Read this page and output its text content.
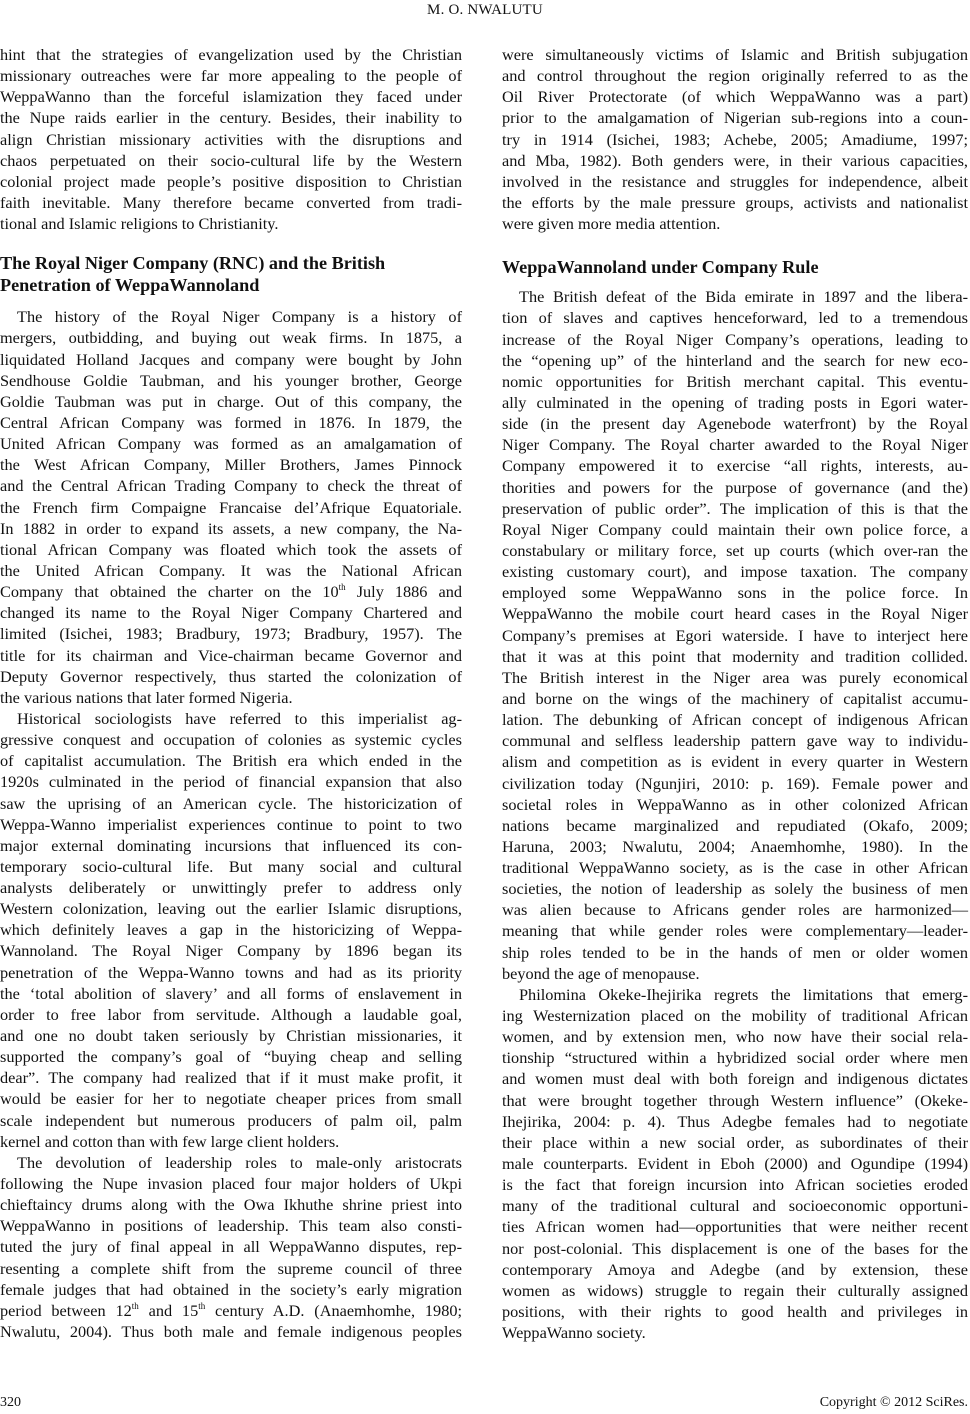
M. O. NWALUTU
hint that the strategies of evangelization used by the Christian
missionary outreaches were far more appealing to the people of
WeppaWanno than the forceful islamization they faced under
the Nupe raids earlier in the century. Besides, their inability to
align Christian missionary activities with the disruptions and
chaos perpetuated on their socio-cultural life by the Western
colonial project made people’s positive disposition to Christian
faith inevitable. Many therefore became converted from tradi-
tional and Islamic religions to Christianity.
The Royal Niger Company (RNC) and the British
Penetration of WeppaWannoland
The history of the Royal Niger Company is a history of
mergers, outbidding, and buying out weak firms. In 1875, a
liquidated Holland Jacques and company were bought by John
Sendhouse Goldie Taubman, and his younger brother, George
Goldie Taubman was put in charge. Out of this company, the
Central African Company was formed in 1876. In 1879, the
United African Company was formed as an amalgamation of
the West African Company, Miller Brothers, James Pinnock
and the Central African Trading Company to check the threat of
the French firm Compaigne Francaise del’Afrique Equatoriale.
In 1882 in order to expand its assets, a new company, the Na-
tional African Company was floated which took the assets of
the United African Company. It was the National African
Company that obtained the charter on the 10th July 1886 and
changed its name to the Royal Niger Company Chartered and
limited (Isichei, 1983; Bradbury, 1973; Bradbury, 1957). The
title for its chairman and Vice-chairman became Governor and
Deputy Governor respectively, thus started the colonization of
the various nations that later formed Nigeria.
Historical sociologists have referred to this imperialist ag-
gressive conquest and occupation of colonies as systemic cycles
of capitalist accumulation. The British era which ended in the
1920s culminated in the period of financial expansion that also
saw the uprising of an American cycle. The historicization of
Weppa-Wanno imperialist experiences continue to point to two
major external dominating incursions that influenced its con-
temporary socio-cultural life. But many social and cultural
analysts deliberately or unwittingly prefer to address only
Western colonization, leaving out the earlier Islamic disruptions,
which definitely leaves a gap in the historicizing of Weppa-
Wannoland. The Royal Niger Company by 1896 began its
penetration of the Weppa-Wanno towns and had as its priority
the ‘total abolition of slavery’ and all forms of enslavement in
order to free labor from servitude. Although a laudable goal,
and one no doubt taken seriously by Christian missionaries, it
supported the company’s goal of “buying cheap and selling
dear”. The company had realized that if it must make profit, it
would be easier for her to negotiate cheaper prices from small
scale independent but numerous producers of palm oil, palm
kernel and cotton than with few large client holders.
The devolution of leadership roles to male-only aristocrats
following the Nupe invasion placed four major holders of Ukpi
chieftaincy drums along with the Owa Ikhuthe shrine priest into
WeppaWanno in positions of leadership. This team also consti-
tuted the jury of final appeal in all WeppaWanno disputes, rep-
resenting a complete shift from the supreme council of three
female judges that had obtained in the society’s early migration
period between 12th and 15th century A.D. (Anaemhomhe, 1980;
Nwalutu, 2004). Thus both male and female indigenous peoples
were simultaneously victims of Islamic and British subjugation
and control throughout the region originally referred to as the
Oil River Protectorate (of which WeppaWanno was a part)
prior to the amalgamation of Nigerian sub-regions into a coun-
try in 1914 (Isichei, 1983; Achebe, 2005; Amadiume, 1997;
and Mba, 1982). Both genders were, in their various capacities,
involved in the resistance and struggles for independence, albeit
the efforts by the male pressure groups, activists and nationalist
were given more media attention.
WeppaWannoland under Company Rule
The British defeat of the Bida emirate in 1897 and the libera-
tion of slaves and captives henceforward, led to a tremendous
increase of the Royal Niger Company’s operations, leading to
the “opening up” of the hinterland and the search for new eco-
nomic opportunities for British merchant capital. This eventu-
ally culminated in the opening of trading posts in Egori water-
side (in the present day Agenebode waterfront) by the Royal
Niger Company. The Royal charter awarded to the Royal Niger
Company empowered it to exercise “all rights, interests, au-
thorities and powers for the purpose of governance (and the)
preservation of public order”. The implication of this is that the
Royal Niger Company could maintain their own police force, a
constabulary or military force, set up courts (which over-ran the
existing customary court), and impose taxation. The company
employed some WeppaWanno sons in the police force. In
WeppaWanno the mobile court heard cases in the Royal Niger
Company’s premises at Egori waterside. I have to interject here
that it was at this point that modernity and tradition collided.
The British interest in the Niger area was purely economical
and borne on the wings of the machinery of capitalist accumu-
lation. The debunking of African concept of indigenous African
communal and selfless leadership pattern gave way to individu-
alism and competition as is evident in every quarter in Western
civilization today (Ngunjiri, 2010: p. 169). Female power and
societal roles in WeppaWanno as in other colonized African
nations became marginalized and repudiated (Okafo, 2009;
Haruna, 2003; Nwalutu, 2004; Anaemhomhe, 1980). In the
traditional WeppaWanno society, as is the case in other African
societies, the notion of leadership as solely the business of men
was alien because to Africans gender roles are harmonized—
meaning that while gender roles were complementary—leader-
ship roles tended to be in the hands of men or older women
beyond the age of menopause.
Philomina Okeke-Ihejirika regrets the limitations that emerg-
ing Westernization placed on the mobility of traditional African
women, and by extension men, who now have their social rela-
tionship “structured within a hybridized social order where men
and women must deal with both foreign and indigenous dictates
that were brought together through Western influence” (Okeke-
Ihejirika, 2004: p. 4). Thus Adegbe females had to negotiate
their place within a new social order, as subordinates of their
male counterparts. Evident in Eboh (2000) and Ogundipe (1994)
is the fact that foreign incursion into African societies eroded
many of the traditional cultural and socioeconomic opportuni-
ties African women had—opportunities that were neither recent
nor post-colonial. This displacement is one of the bases for the
contemporary Amoya and Adegbe (and by extension, these
women as widows) struggle to regain their culturally assigned
positions, with their rights to good health and privileges in
WeppaWanno society.
320	Copyright © 2012 SciRes.
